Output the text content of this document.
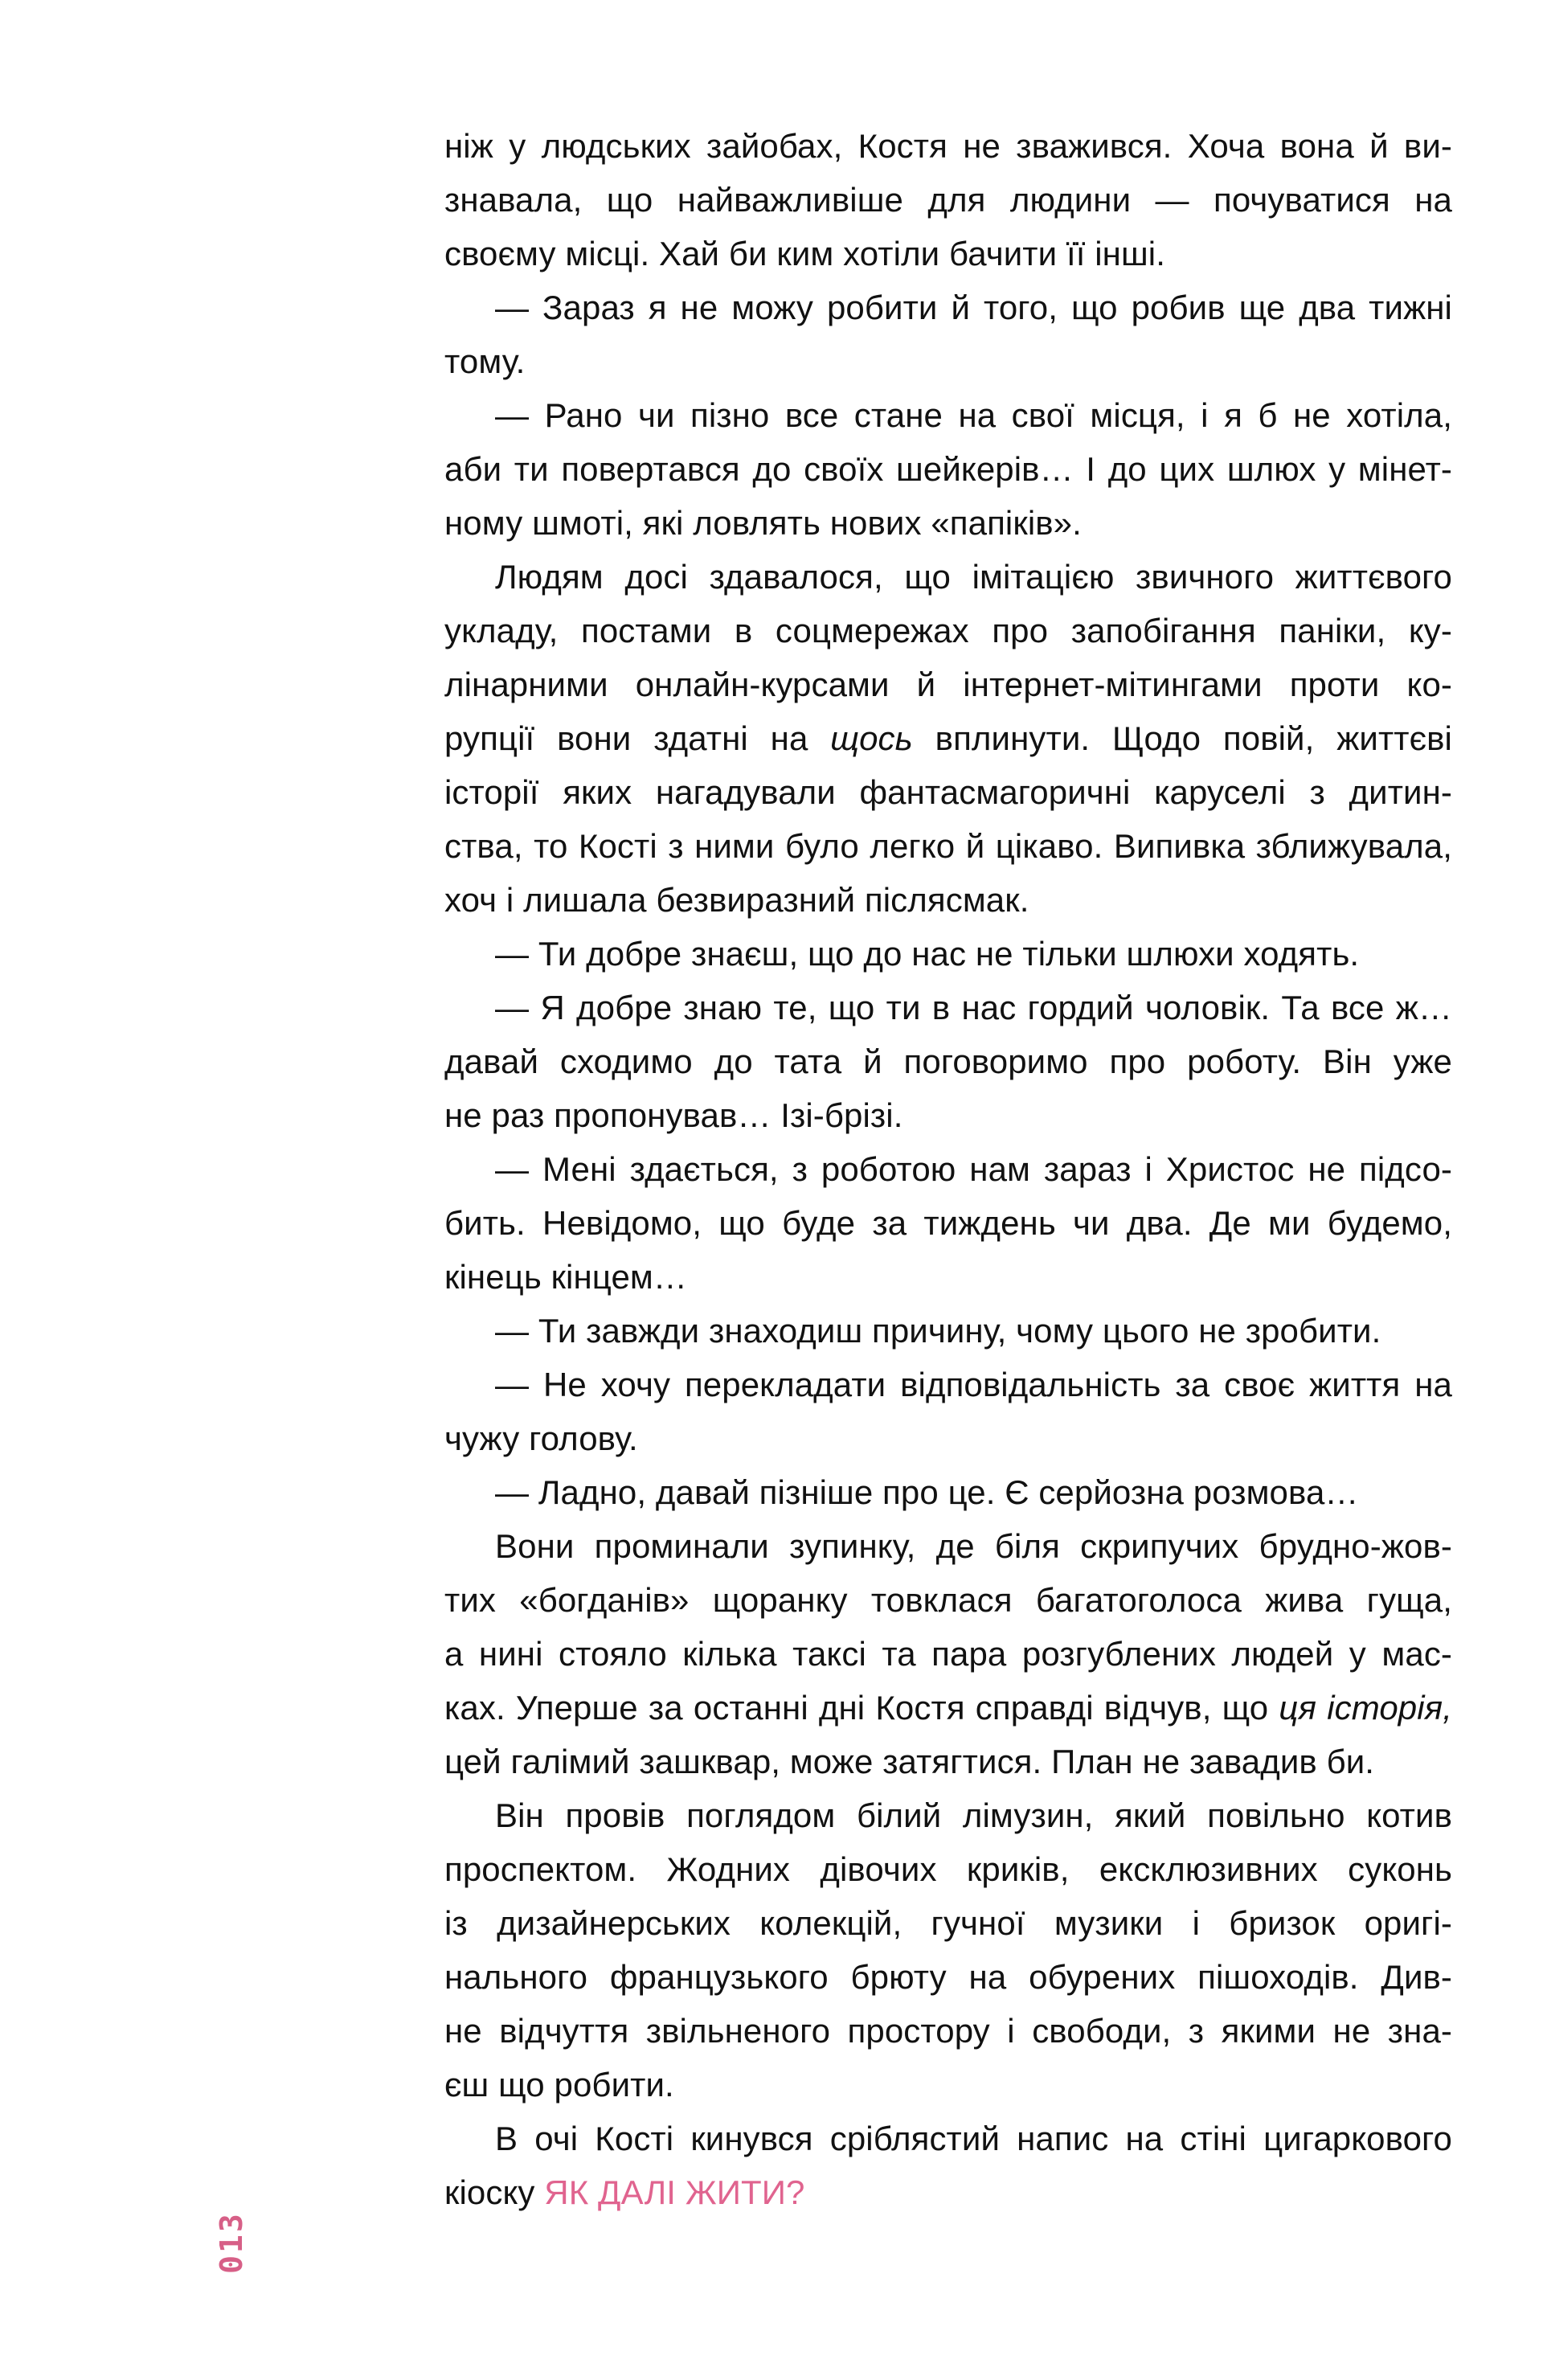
ніж у людських зайобах, Костя не зважився. Хоча вона й ви-
знавала, що найважливіше для людини — почуватися на
своєму місці. Хай би ким хотіли бачити її інші.
— Зараз я не можу робити й того, що робив ще два тижні
тому.
— Рано чи пізно все стане на свої місця, і я б не хотіла,
аби ти повертався до своїх шейкерів… І до цих шлюх у мінет-
ному шмоті, які ловлять нових «папіків».
Людям досі здавалося, що імітацією звичного життєвого
укладу, постами в соцмережах про запобігання паніки, ку-
лінарними онлайн-курсами й інтернет-мітингами проти ко-
рупції вони здатні на щось вплинути. Щодо повій, життєві
історії яких нагадували фантасмагоричні каруселі з дитин-
ства, то Кості з ними було легко й цікаво. Випивка зближувала,
хоч і лишала безвиразний післясмак.
— Ти добре знаєш, що до нас не тільки шлюхи ходять.
— Я добре знаю те, що ти в нас гордий чоловік. Та все ж…
давай сходимо до тата й поговоримо про роботу. Він уже
не раз пропонував… Ізі-брізі.
— Мені здається, з роботою нам зараз і Христос не підсо-
бить. Невідомо, що буде за тиждень чи два. Де ми будемо,
кінець кінцем…
— Ти завжди знаходиш причину, чому цього не зробити.
— Не хочу перекладати відповідальність за своє життя на
чужу голову.
— Ладно, давай пізніше про це. Є серйозна розмова…
Вони проминали зупинку, де біля скрипучих брудно-жов-
тих «богданів» щоранку товклася багатоголоса жива гуща,
а нині стояло кілька таксі та пара розгублених людей у мас-
ках. Уперше за останні дні Костя справді відчув, що ця історія,
цей галімий зашквар, може затягтися. План не завадив би.
Він провів поглядом білий лімузин, який повільно котив
проспектом. Жодних дівочих криків, ексклюзивних суконь
із дизайнерських колекцій, гучної музики і бризок оригі-
нального французького брюту на обурених пішоходів. Див-
не відчуття звільненого простору і свободи, з якими не зна-
єш що робити.
В очі Кості кинувся сріблястий напис на стіні цигаркового
кіоску ЯК ДАЛІ ЖИТИ?
013
